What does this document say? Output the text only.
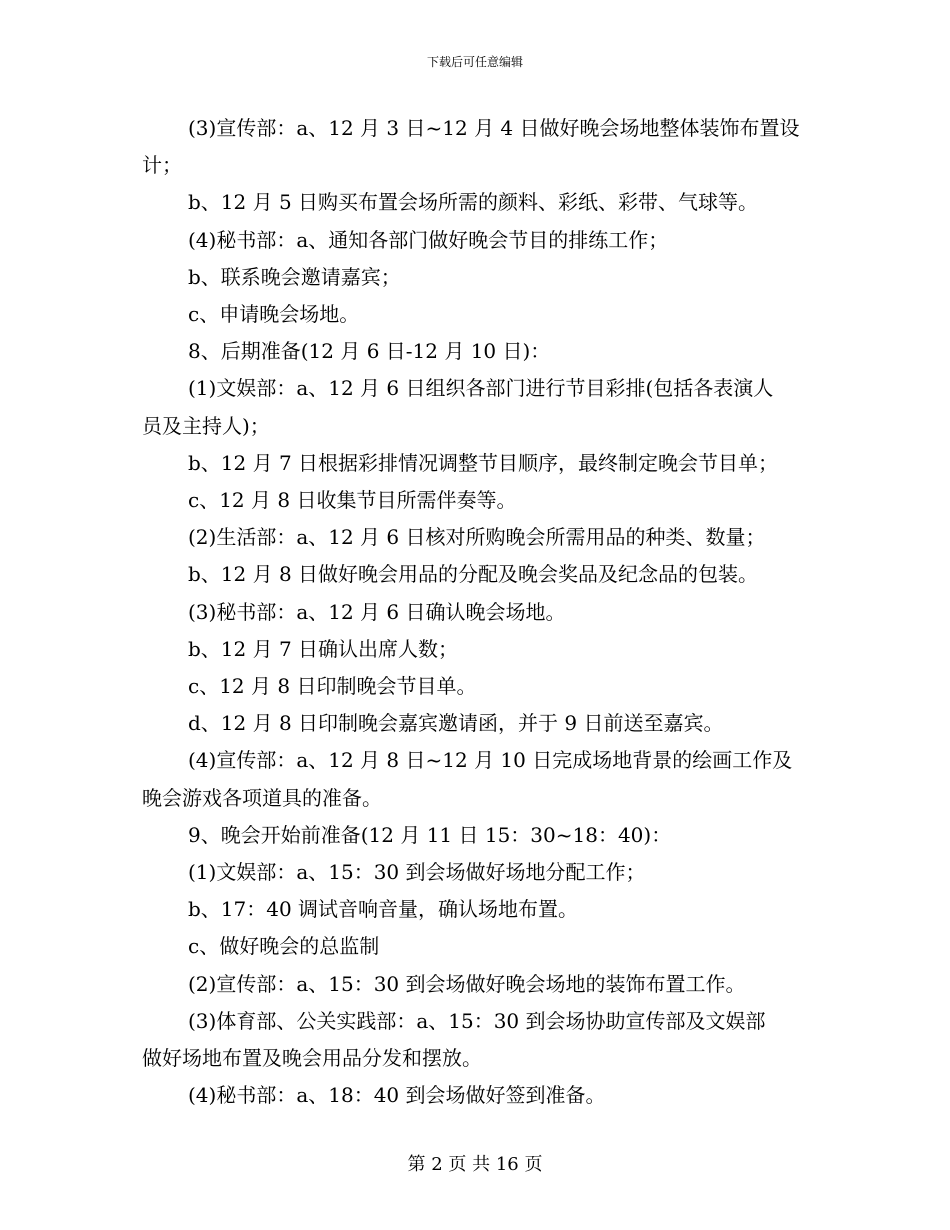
下载后可任意编辑

(3)宣传部：a、12 月 3 日~12 月 4 日做好晚会场地整体装饰布置设

计；

b、12 月 5 日购买布置会场所需的颜料、彩纸、彩带、气球等。

(4)秘书部：a、通知各部门做好晚会节目的排练工作；

b、联系晚会邀请嘉宾；

c、申请晚会场地。

8、后期准备(12 月 6 日-12 月 10 日)：

(1)文娱部：a、12 月 6 日组织各部门进行节目彩排(包括各表演人

员及主持人)；

b、12 月 7 日根据彩排情况调整节目顺序，最终制定晚会节目单；

c、12 月 8 日收集节目所需伴奏等。

(2)生活部：a、12 月 6 日核对所购晚会所需用品的种类、数量；

b、12 月 8 日做好晚会用品的分配及晚会奖品及纪念品的包装。

(3)秘书部：a、12 月 6 日确认晚会场地。

b、12 月 7 日确认出席人数；

c、12 月 8 日印制晚会节目单。

d、12 月 8 日印制晚会嘉宾邀请函，并于 9 日前送至嘉宾。

(4)宣传部：a、12 月 8 日~12 月 10 日完成场地背景的绘画工作及

晚会游戏各项道具的准备。

9、晚会开始前准备(12 月 11 日 15：30~18：40)：

(1)文娱部：a、15：30 到会场做好场地分配工作；

b、17：40 调试音响音量，确认场地布置。

c、做好晚会的总监制

(2)宣传部：a、15：30 到会场做好晚会场地的装饰布置工作。

(3)体育部、公关实践部：a、15：30 到会场协助宣传部及文娱部

做好场地布置及晚会用品分发和摆放。

(4)秘书部：a、18：40 到会场做好签到准备。

第 2 页 共 16 页
